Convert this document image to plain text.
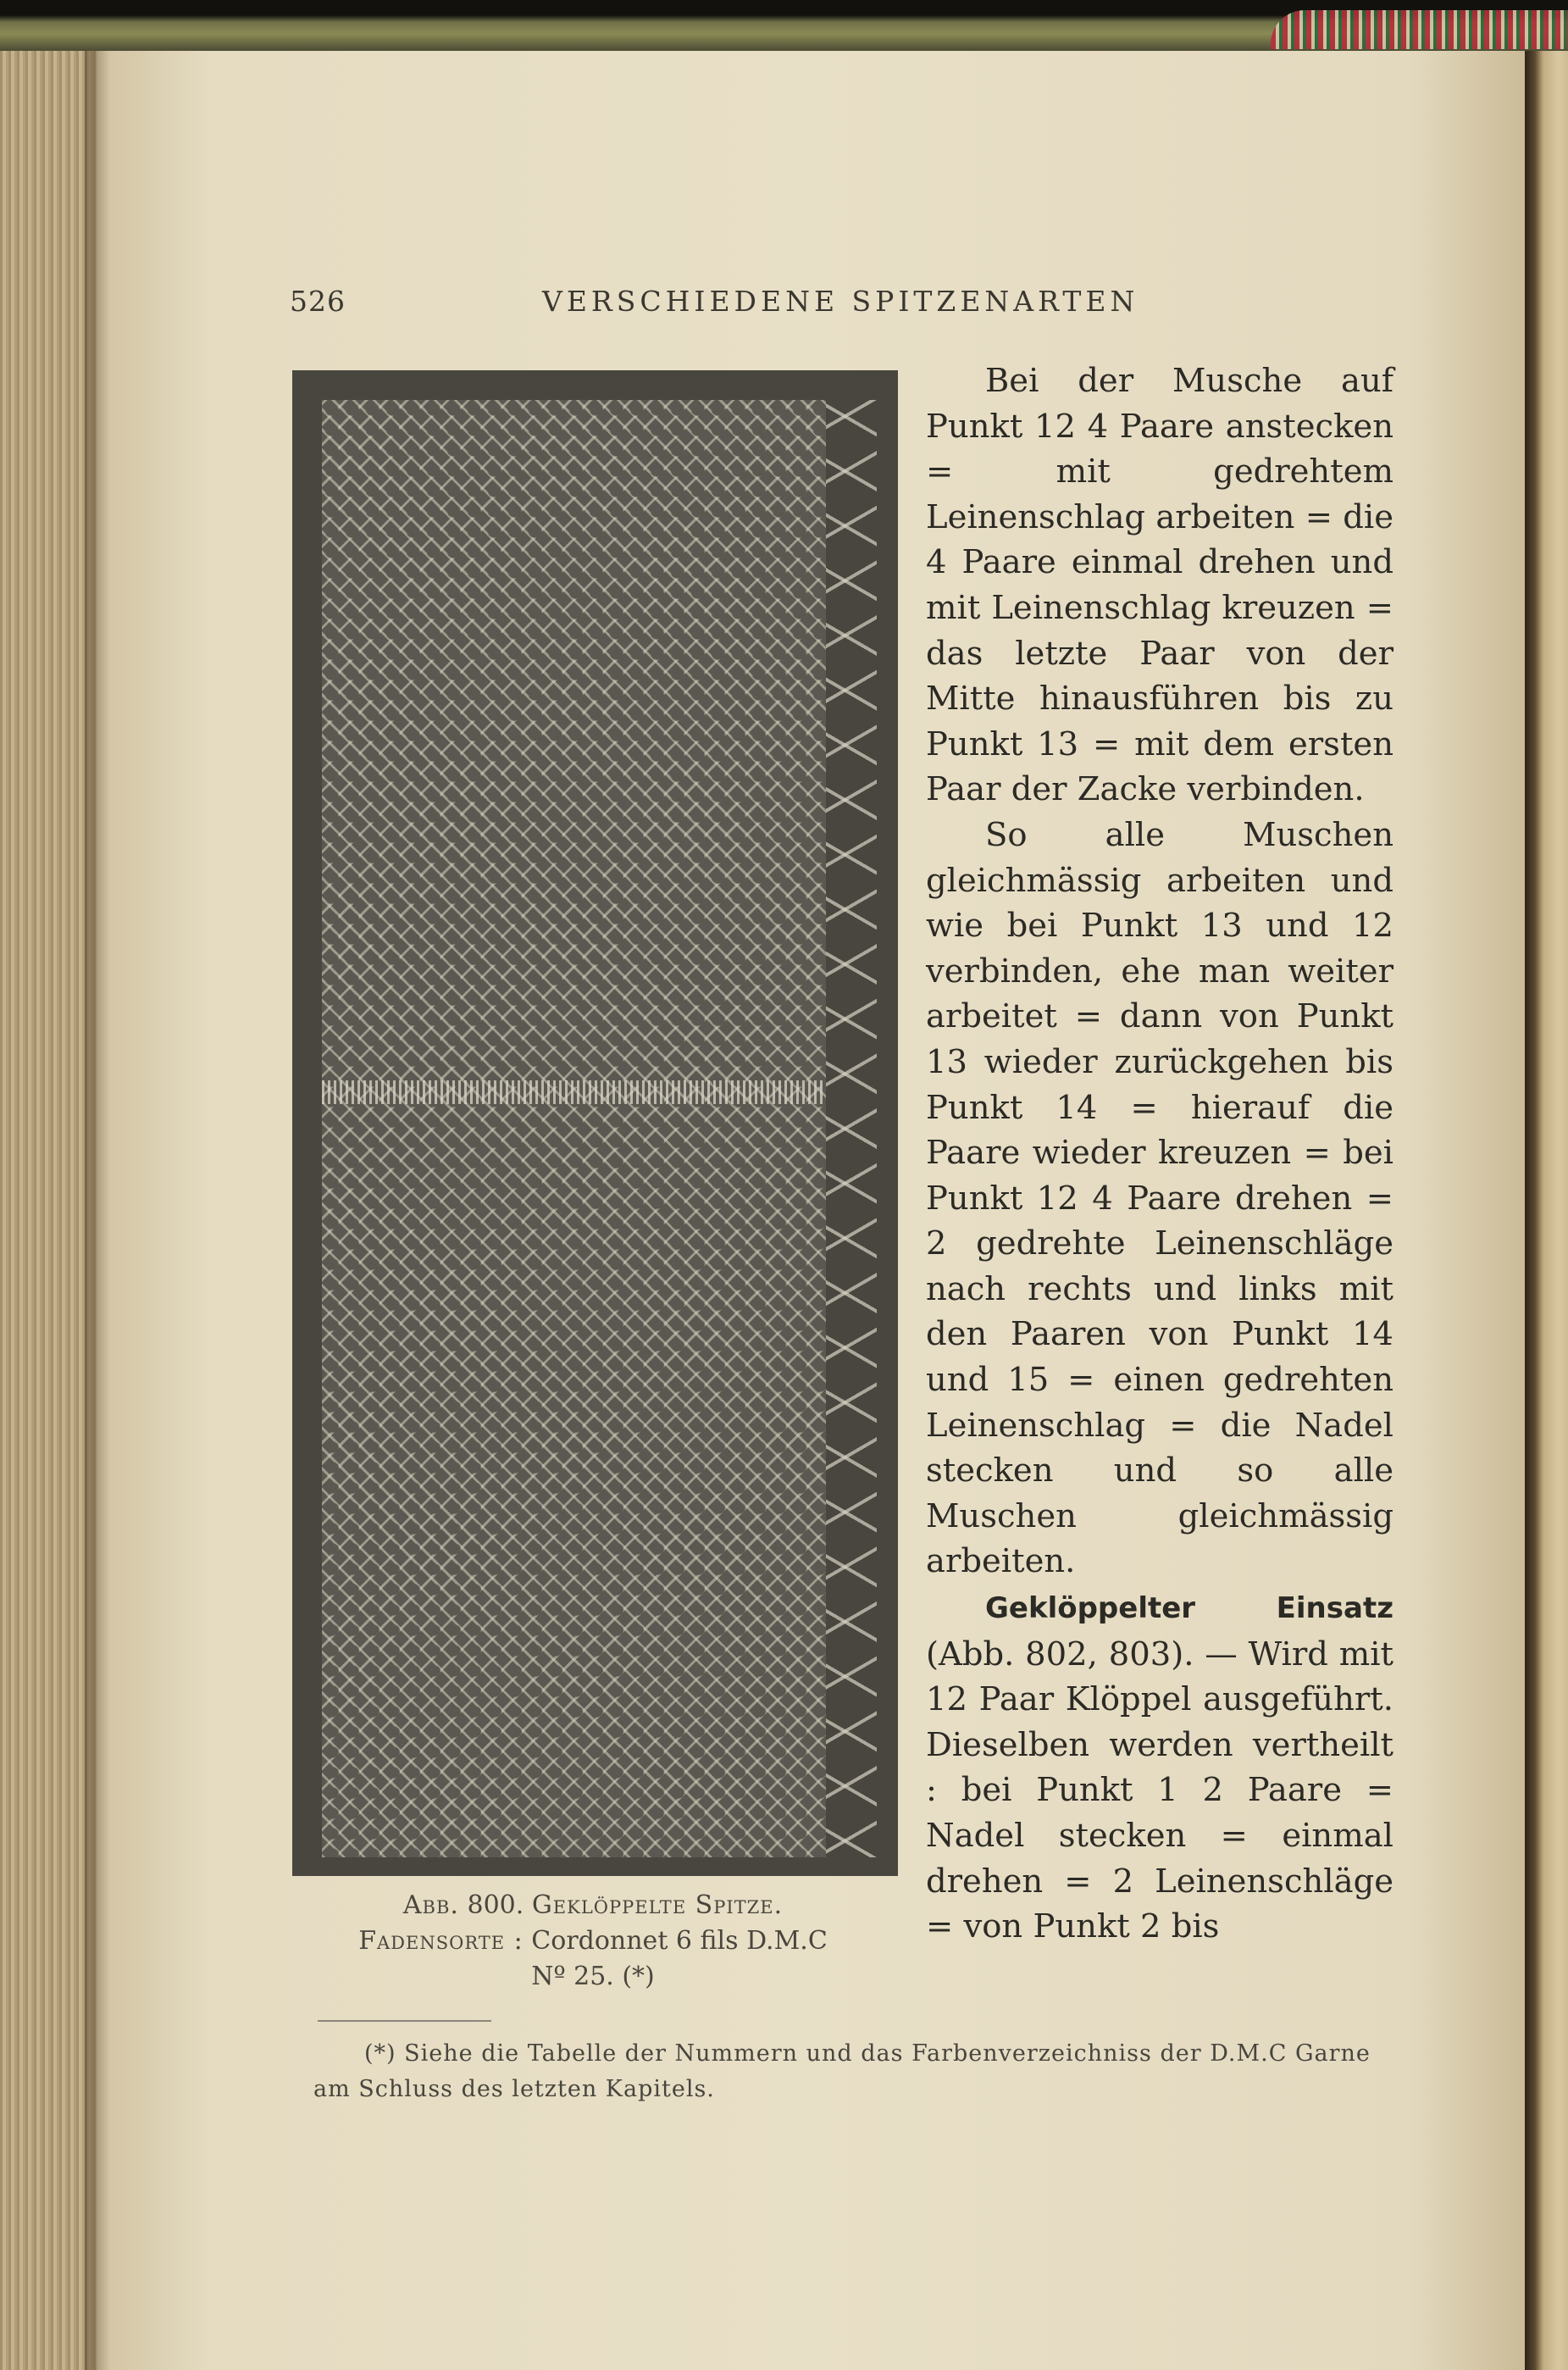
526	VERSCHIEDENE SPITZENARTEN
Abb. 800. Geklöppelte Spitze.
Fadensorte : Cordonnet 6 fils D.M.C
Nº 25. (*)

Bei der Musche auf Punkt 12 4 Paare anstecken = mit gedrehtem Leinenschlag arbeiten = die 4 Paare einmal drehen und mit Leinenschlag kreuzen = das letzte Paar von der Mitte hinausführen bis zu Punkt 13 = mit dem ersten Paar der Zacke verbinden.

So alle Muschen gleichmässig arbeiten und wie bei Punkt 13 und 12 verbinden, ehe man weiter arbeitet = dann von Punkt 13 wieder zurückgehen bis Punkt 14 = hierauf die Paare wieder kreuzen = bei Punkt 12 4 Paare drehen = 2 gedrehte Leinenschläge nach rechts und links mit den Paaren von Punkt 14 und 15 = einen gedrehten Leinenschlag = die Nadel stecken und so alle Muschen gleichmässig arbeiten.

Geklöppelter Einsatz (Abb. 802, 803). — Wird mit 12 Paar Klöppel ausgeführt. Dieselben werden vertheilt : bei Punkt 1 2 Paare = Nadel stecken = einmal drehen = 2 Leinenschläge = von Punkt 2 bis

(*) Siehe die Tabelle der Nummern und das Farbenverzeichniss der D.M.C Garne am Schluss des letzten Kapitels.
